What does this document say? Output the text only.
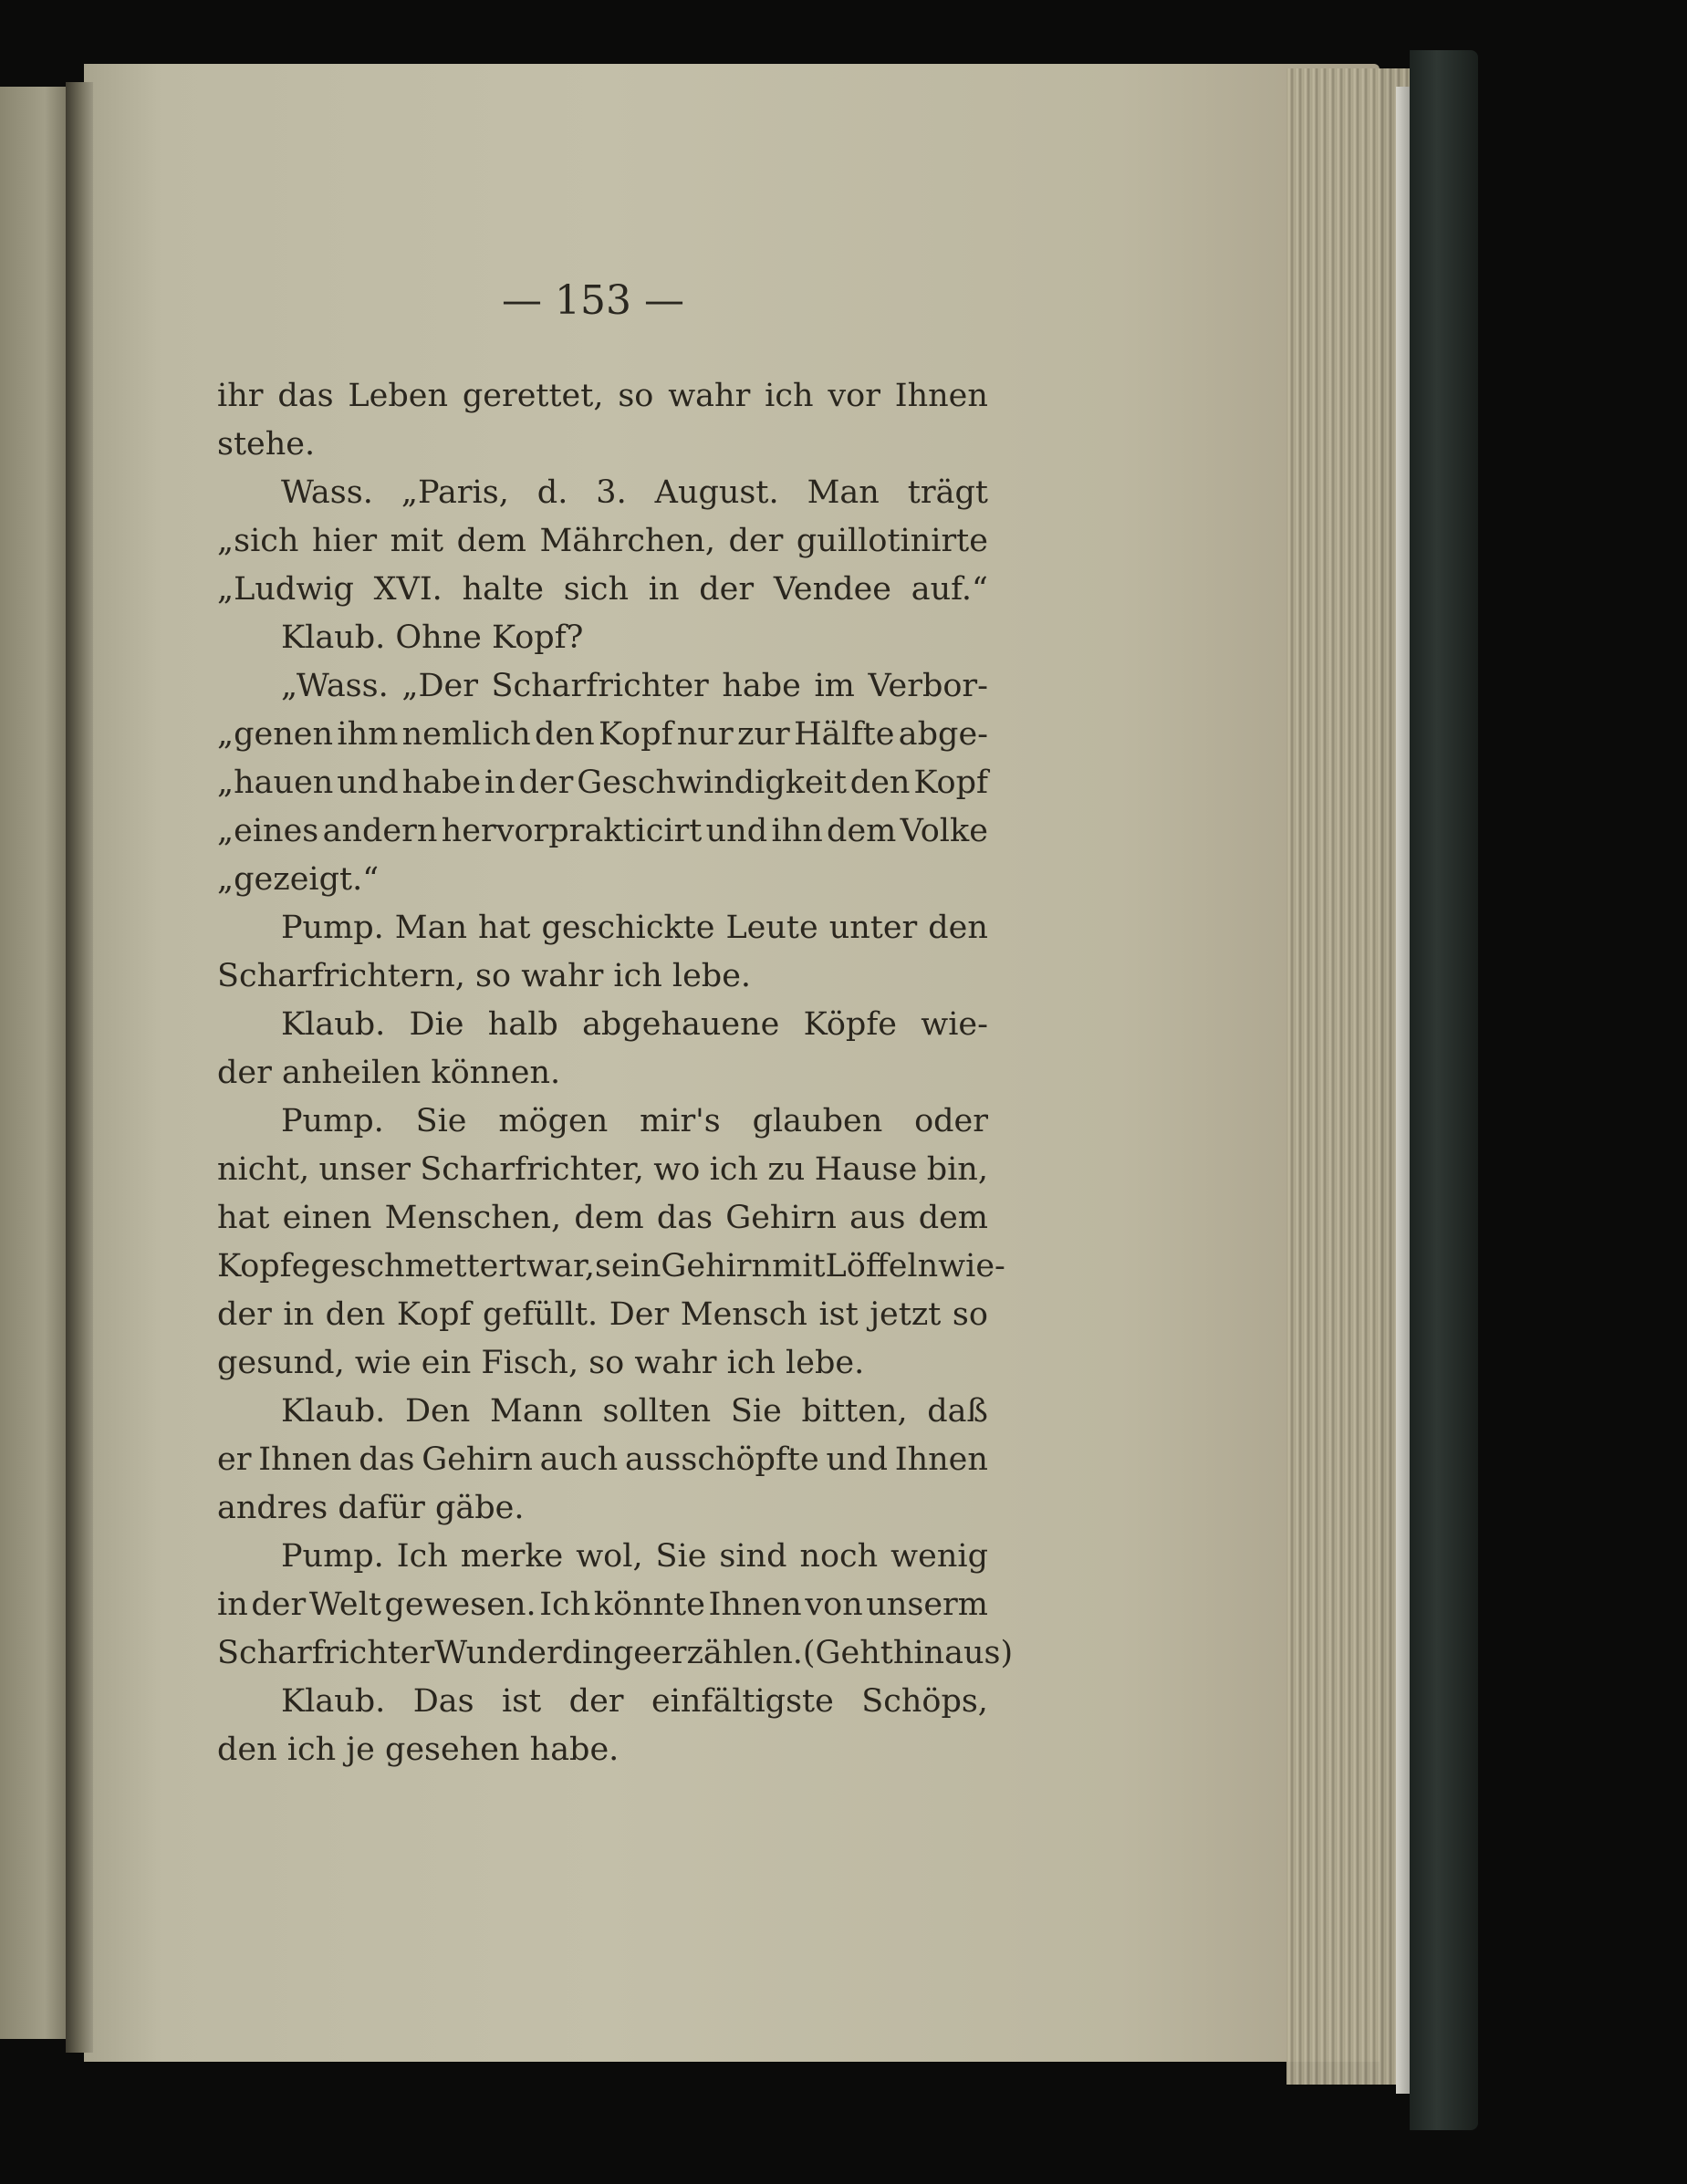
— 153 —
ihr das Leben gerettet, so wahr ich vor Ihnen
stehe.
Wass. „Paris, d. 3. August. Man trägt
„sich hier mit dem Mährchen, der guillotinirte
„Ludwig XVI. halte sich in der Vendee auf.“
Klaub. Ohne Kopf?
„Wass. „Der Scharfrichter habe im Verbor-
„genen ihm nemlich den Kopf nur zur Hälfte abge-
„hauen und habe in der Geschwindigkeit den Kopf
„eines andern hervorprakticirt und ihn dem Volke
„gezeigt.“
Pump. Man hat geschickte Leute unter den
Scharfrichtern, so wahr ich lebe.
Klaub. Die halb abgehauene Köpfe wie-
der anheilen können.
Pump. Sie mögen mir's glauben oder
nicht, unser Scharfrichter, wo ich zu Hause bin,
hat einen Menschen, dem das Gehirn aus dem
Kopfe geschmettert war, sein Gehirn mit Löffeln wie-
der in den Kopf gefüllt. Der Mensch ist jetzt so
gesund, wie ein Fisch, so wahr ich lebe.
Klaub. Den Mann sollten Sie bitten, daß
er Ihnen das Gehirn auch ausschöpfte und Ihnen
andres dafür gäbe.
Pump. Ich merke wol, Sie sind noch wenig
in der Welt gewesen. Ich könnte Ihnen von unserm
Scharfrichter Wunderdinge erzählen. (Geht hinaus)
Klaub. Das ist der einfältigste Schöps,
den ich je gesehen habe.
